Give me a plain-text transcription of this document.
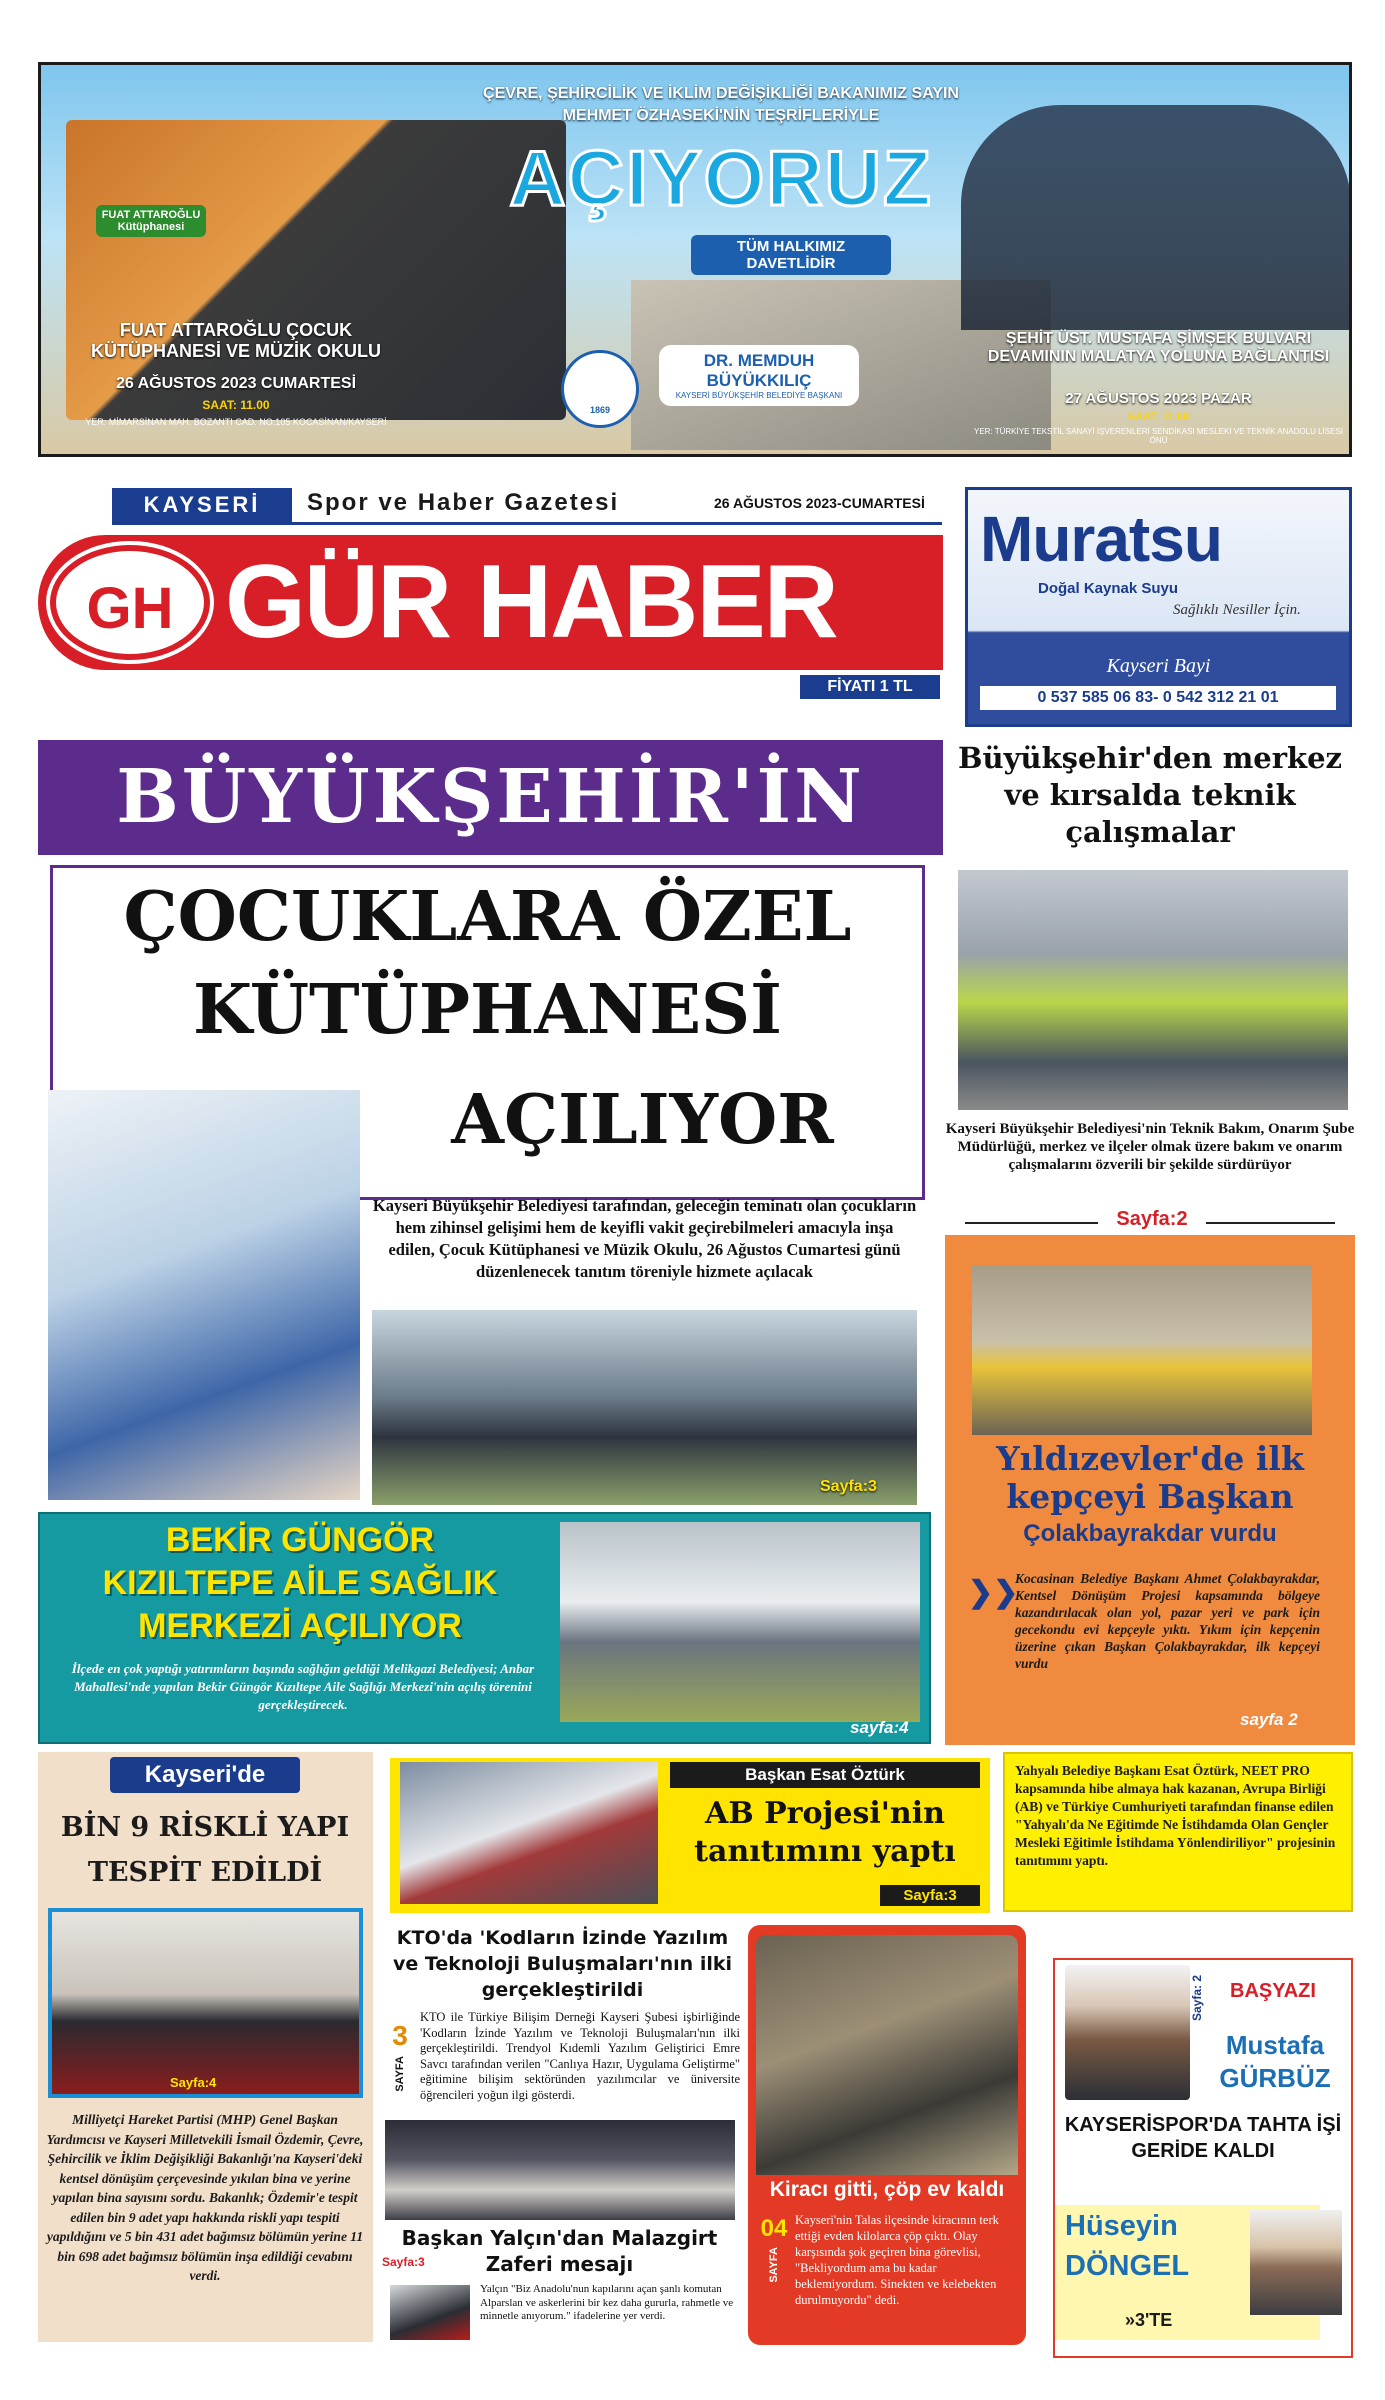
ÇEVRE, ŞEHİRCİLİK VE İKLİM DEĞİŞİKLİĞİ BAKANIMIZ SAYIN
MEHMET ÖZHASEKİ'NİN TEŞRİFLERİYLE
AÇIYORUZ
TÜM HALKIMIZ DAVETLİDİR
FUAT ATTAROĞLU Kütüphanesi
FUAT ATTAROĞLU ÇOCUK KÜTÜPHANESİ VE MÜZİK OKULU
26 AĞUSTOS 2023 CUMARTESİ
SAAT: 11.00
YER: MİMARSİNAN MAH. BOZANTI CAD. NO:105 KOCASİNAN/KAYSERİ
1869
DR. MEMDUH BÜYÜKKILIÇ
KAYSERİ BÜYÜKŞEHİR BELEDİYE BAŞKANI
ŞEHİT ÜST. MUSTAFA ŞİMŞEK BULVARI DEVAMININ MALATYA YOLUNA BAĞLANTISI
27 AĞUSTOS 2023 PAZAR
SAAT: 11.00
YER: TÜRKİYE TEKSTİL SANAYİ İŞVERENLERİ SENDİKASI MESLEKİ VE TEKNİK ANADOLU LİSESİ ÖNÜ
KAYSERİ	Spor ve Haber Gazetesi	26 AĞUSTOS 2023-CUMARTESİ
GH GÜR HABER
FİYATI 1 TL
Muratsu
Doğal Kaynak Suyu
Sağlıklı Nesiller İçin.
Kayseri Bayi
0 537 585 06 83- 0 542 312 21 01
BÜYÜKŞEHİR'İN
ÇOCUKLARA ÖZEL
KÜTÜPHANESİ
AÇILIYOR
Kayseri Büyükşehir Belediyesi tarafından, geleceğin teminatı olan çocukların hem zihinsel gelişimi hem de keyifli vakit geçirebilmeleri amacıyla inşa edilen, Çocuk Kütüphanesi ve Müzik Okulu, 26 Ağustos Cumartesi günü düzenlenecek tanıtım töreniyle hizmete açılacak
Sayfa:3
Büyükşehir'den merkez ve kırsalda teknik çalışmalar
Kayseri Büyükşehir Belediyesi'nin Teknik Bakım, Onarım Şube Müdürlüğü, merkez ve ilçeler olmak üzere bakım ve onarım çalışmalarını özverili bir şekilde sürdürüyor
Sayfa:2
Yıldızevler'de ilk kepçeyi Başkan
Çolakbayrakdar vurdu
❯❯
Kocasinan Belediye Başkanı Ahmet Çolakbayrakdar, Kentsel Dönüşüm Projesi kapsamında bölgeye kazandırılacak olan yol, pazar yeri ve park için gecekondu evi kepçeyle yıktı. Yıkım için kepçenin üzerine çıkan Başkan Çolakbayrakdar, ilk kepçeyi vurdu
sayfa 2
BEKİR GÜNGÖR
KIZILTEPE AİLE SAĞLIK
MERKEZİ AÇILIYOR
İlçede en çok yaptığı yatırımların başında sağlığın geldiği Melikgazi Belediyesi; Anbar Mahallesi'nde yapılan Bekir Güngör Kızıltepe Aile Sağlığı Merkezi'nin açılış törenini gerçekleştirecek.
sayfa:4
Kayseri'de
BİN 9 RİSKLİ YAPI TESPİT EDİLDİ
Sayfa:4
Milliyetçi Hareket Partisi (MHP) Genel Başkan Yardımcısı ve Kayseri Milletvekili İsmail Özdemir, Çevre, Şehircilik ve İklim Değişikliği Bakanlığı'na Kayseri'deki kentsel dönüşüm çerçevesinde yıkılan bina ve yerine yapılan bina sayısını sordu. Bakanlık; Özdemir'e tespit edilen bin 9 adet yapı hakkında riskli yapı tespiti yapıldığını ve 5 bin 431 adet bağımsız bölümün yerine 11 bin 698 adet bağımsız bölümün inşa edildiği cevabını verdi.
Başkan Esat Öztürk
AB Projesi'nin tanıtımını yaptı
Sayfa:3
Yahyalı Belediye Başkanı Esat Öztürk, NEET PRO kapsamında hibe almaya hak kazanan, Avrupa Birliği (AB) ve Türkiye Cumhuriyeti tarafından finanse edilen "Yahyalı'da Ne Eğitimde Ne İstihdamda Olan Gençler Mesleki Eğitimle İstihdama Yönlendiriliyor" projesinin tanıtımını yaptı.
KTO'da 'Kodların İzinde Yazılım ve Teknoloji Buluşmaları'nın ilki gerçekleştirildi
3
SAYFA
KTO ile Türkiye Bilişim Derneği Kayseri Şubesi işbirliğinde 'Kodların İzinde Yazılım ve Teknoloji Buluşmaları'nın ilki gerçekleştirildi. Trendyol Kıdemli Yazılım Geliştirici Emre Savcı tarafından verilen "Canlıya Hazır, Uygulama Geliştirme" eğitimine bilişim sektöründen yazılımcılar ve üniversite öğrencileri yoğun ilgi gösterdi.
Başkan Yalçın'dan Malazgirt Zaferi mesajı
Sayfa:3
Yalçın "Biz Anadolu'nun kapılarını açan şanlı komutan Alparslan ve askerlerini bir kez daha gururla, rahmetle ve minnetle anıyorum." ifadelerine yer verdi.
Kiracı gitti, çöp ev kaldı
04
SAYFA
Kayseri'nin Talas ilçesinde kiracının terk ettiği evden kilolarca çöp çıktı. Olay karşısında şok geçiren bina görevlisi, "Bekliyordum ama bu kadar beklemiyordum. Sinekten ve kelebekten durulmuyordu" dedi.
Sayfa: 2 BAŞYAZI
Mustafa
GÜRBÜZ
KAYSERİSPOR'DA TAHTA İŞİ GERİDE KALDI
Hüseyin
DÖNGEL
»3'TE
